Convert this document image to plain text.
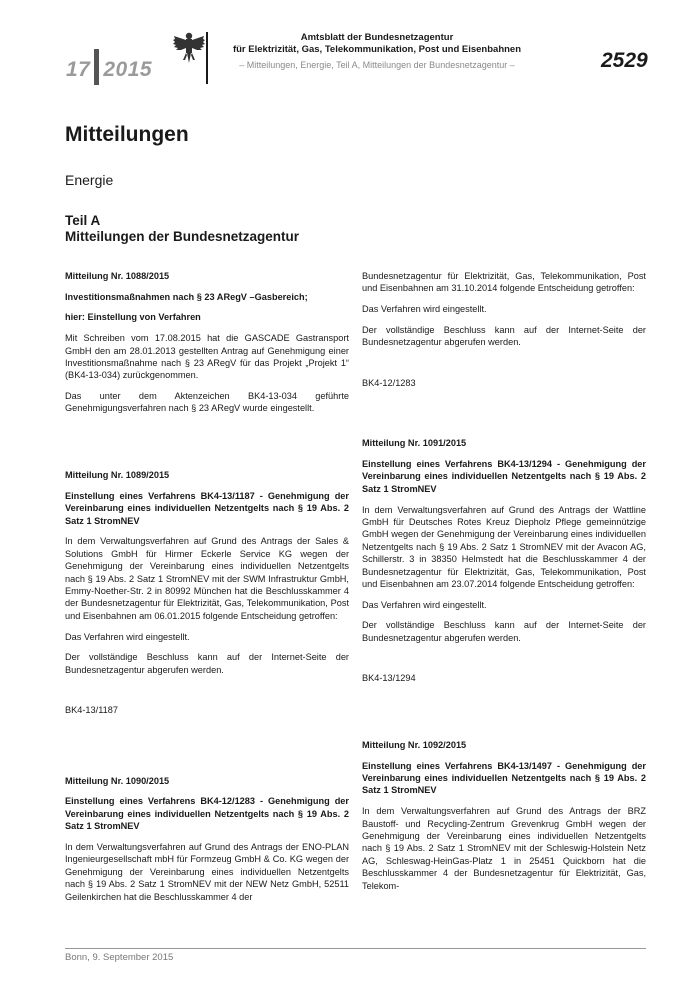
17 2015
Amtsblatt der Bundesnetzagentur
für Elektrizität, Gas, Telekommunikation, Post und Eisenbahnen
– Mitteilungen, Energie, Teil A, Mitteilungen der Bundesnetzagentur –	2529
Mitteilungen
Energie
Teil A
Mitteilungen der Bundesnetzagentur

Mitteilung Nr. 1088/2015

Investitionsmaßnahmen nach § 23 ARegV –Gasbereich;

hier: Einstellung von Verfahren

Mit Schreiben vom 17.08.2015 hat die GASCADE Gastransport GmbH den am 28.01.2013 gestellten Antrag auf Genehmigung einer Investitionsmaßnahme nach § 23 ARegV für das Projekt „Projekt 1“ (BK4-13-034) zurückgenommen.

Das unter dem Aktenzeichen BK4-13-034 geführte Genehmigungsverfahren nach § 23 ARegV wurde eingestellt.

Mitteilung Nr. 1089/2015

Einstellung eines Verfahrens BK4-13/1187 - Genehmigung der Vereinbarung eines individuellen Netzentgelts nach § 19 Abs. 2 Satz 1 StromNEV

In dem Verwaltungsverfahren auf Grund des Antrags der Sales & Solutions GmbH für Hirmer Eckerle Service KG wegen der Genehmigung der Vereinbarung eines individuellen Netzentgelts nach § 19 Abs. 2 Satz 1 StromNEV mit der SWM Infrastruktur GmbH, Emmy-Noether-Str. 2 in 80992 München hat die Beschlusskammer 4 der Bundesnetzagentur für Elektrizität, Gas, Telekommunikation, Post und Eisenbahnen am 06.01.2015 folgende Entscheidung getroffen:

Das Verfahren wird eingestellt.

Der vollständige Beschluss kann auf der Internet-Seite der Bundesnetzagentur abgerufen werden.

BK4-13/1187

Mitteilung Nr. 1090/2015

Einstellung eines Verfahrens BK4-12/1283 - Genehmigung der Vereinbarung eines individuellen Netzentgelts nach § 19 Abs. 2 Satz 1 StromNEV

In dem Verwaltungsverfahren auf Grund des Antrags der ENO-PLAN Ingenieurgesellschaft mbH für Formzeug GmbH & Co. KG wegen der Genehmigung der Vereinbarung eines individuellen Netzentgelts nach § 19 Abs. 2 Satz 1 StromNEV mit der NEW Netz GmbH, 52511 Geilenkirchen hat die Beschlusskammer 4 der

Bundesnetzagentur für Elektrizität, Gas, Telekommunikation, Post und Eisenbahnen am 31.10.2014 folgende Entscheidung getroffen:

Das Verfahren wird eingestellt.

Der vollständige Beschluss kann auf der Internet-Seite der Bundesnetzagentur abgerufen werden.

BK4-12/1283

Mitteilung Nr. 1091/2015

Einstellung eines Verfahrens BK4-13/1294 - Genehmigung der Vereinbarung eines individuellen Netzentgelts nach § 19 Abs. 2 Satz 1 StromNEV

In dem Verwaltungsverfahren auf Grund des Antrags der Wattline GmbH für Deutsches Rotes Kreuz Diepholz Pflege gemeinnützige GmbH wegen der Genehmigung der Vereinbarung eines individuellen Netzentgelts nach § 19 Abs. 2 Satz 1 StromNEV mit der Avacon AG, Schillerstr. 3 in 38350 Helmstedt hat die Beschlusskammer 4 der Bundesnetzagentur für Elektrizität, Gas, Telekommunikation, Post und Eisenbahnen am 23.07.2014 folgende Entscheidung getroffen:

Das Verfahren wird eingestellt.

Der vollständige Beschluss kann auf der Internet-Seite der Bundesnetzagentur abgerufen werden.

BK4-13/1294

Mitteilung Nr. 1092/2015

Einstellung eines Verfahrens BK4-13/1497 - Genehmigung der Vereinbarung eines individuellen Netzentgelts nach § 19 Abs. 2 Satz 1 StromNEV

In dem Verwaltungsverfahren auf Grund des Antrags der BRZ Baustoff- und Recycling-Zentrum Grevenkrug GmbH wegen der Genehmigung der Vereinbarung eines individuellen Netzentgelts nach § 19 Abs. 2 Satz 1 StromNEV mit der Schleswig-Holstein Netz AG, Schleswag-HeinGas-Platz 1 in 25451 Quickborn hat die Beschlusskammer 4 der Bundesnetzagentur für Elektrizität, Gas, Telekom-

Bonn, 9. September 2015
